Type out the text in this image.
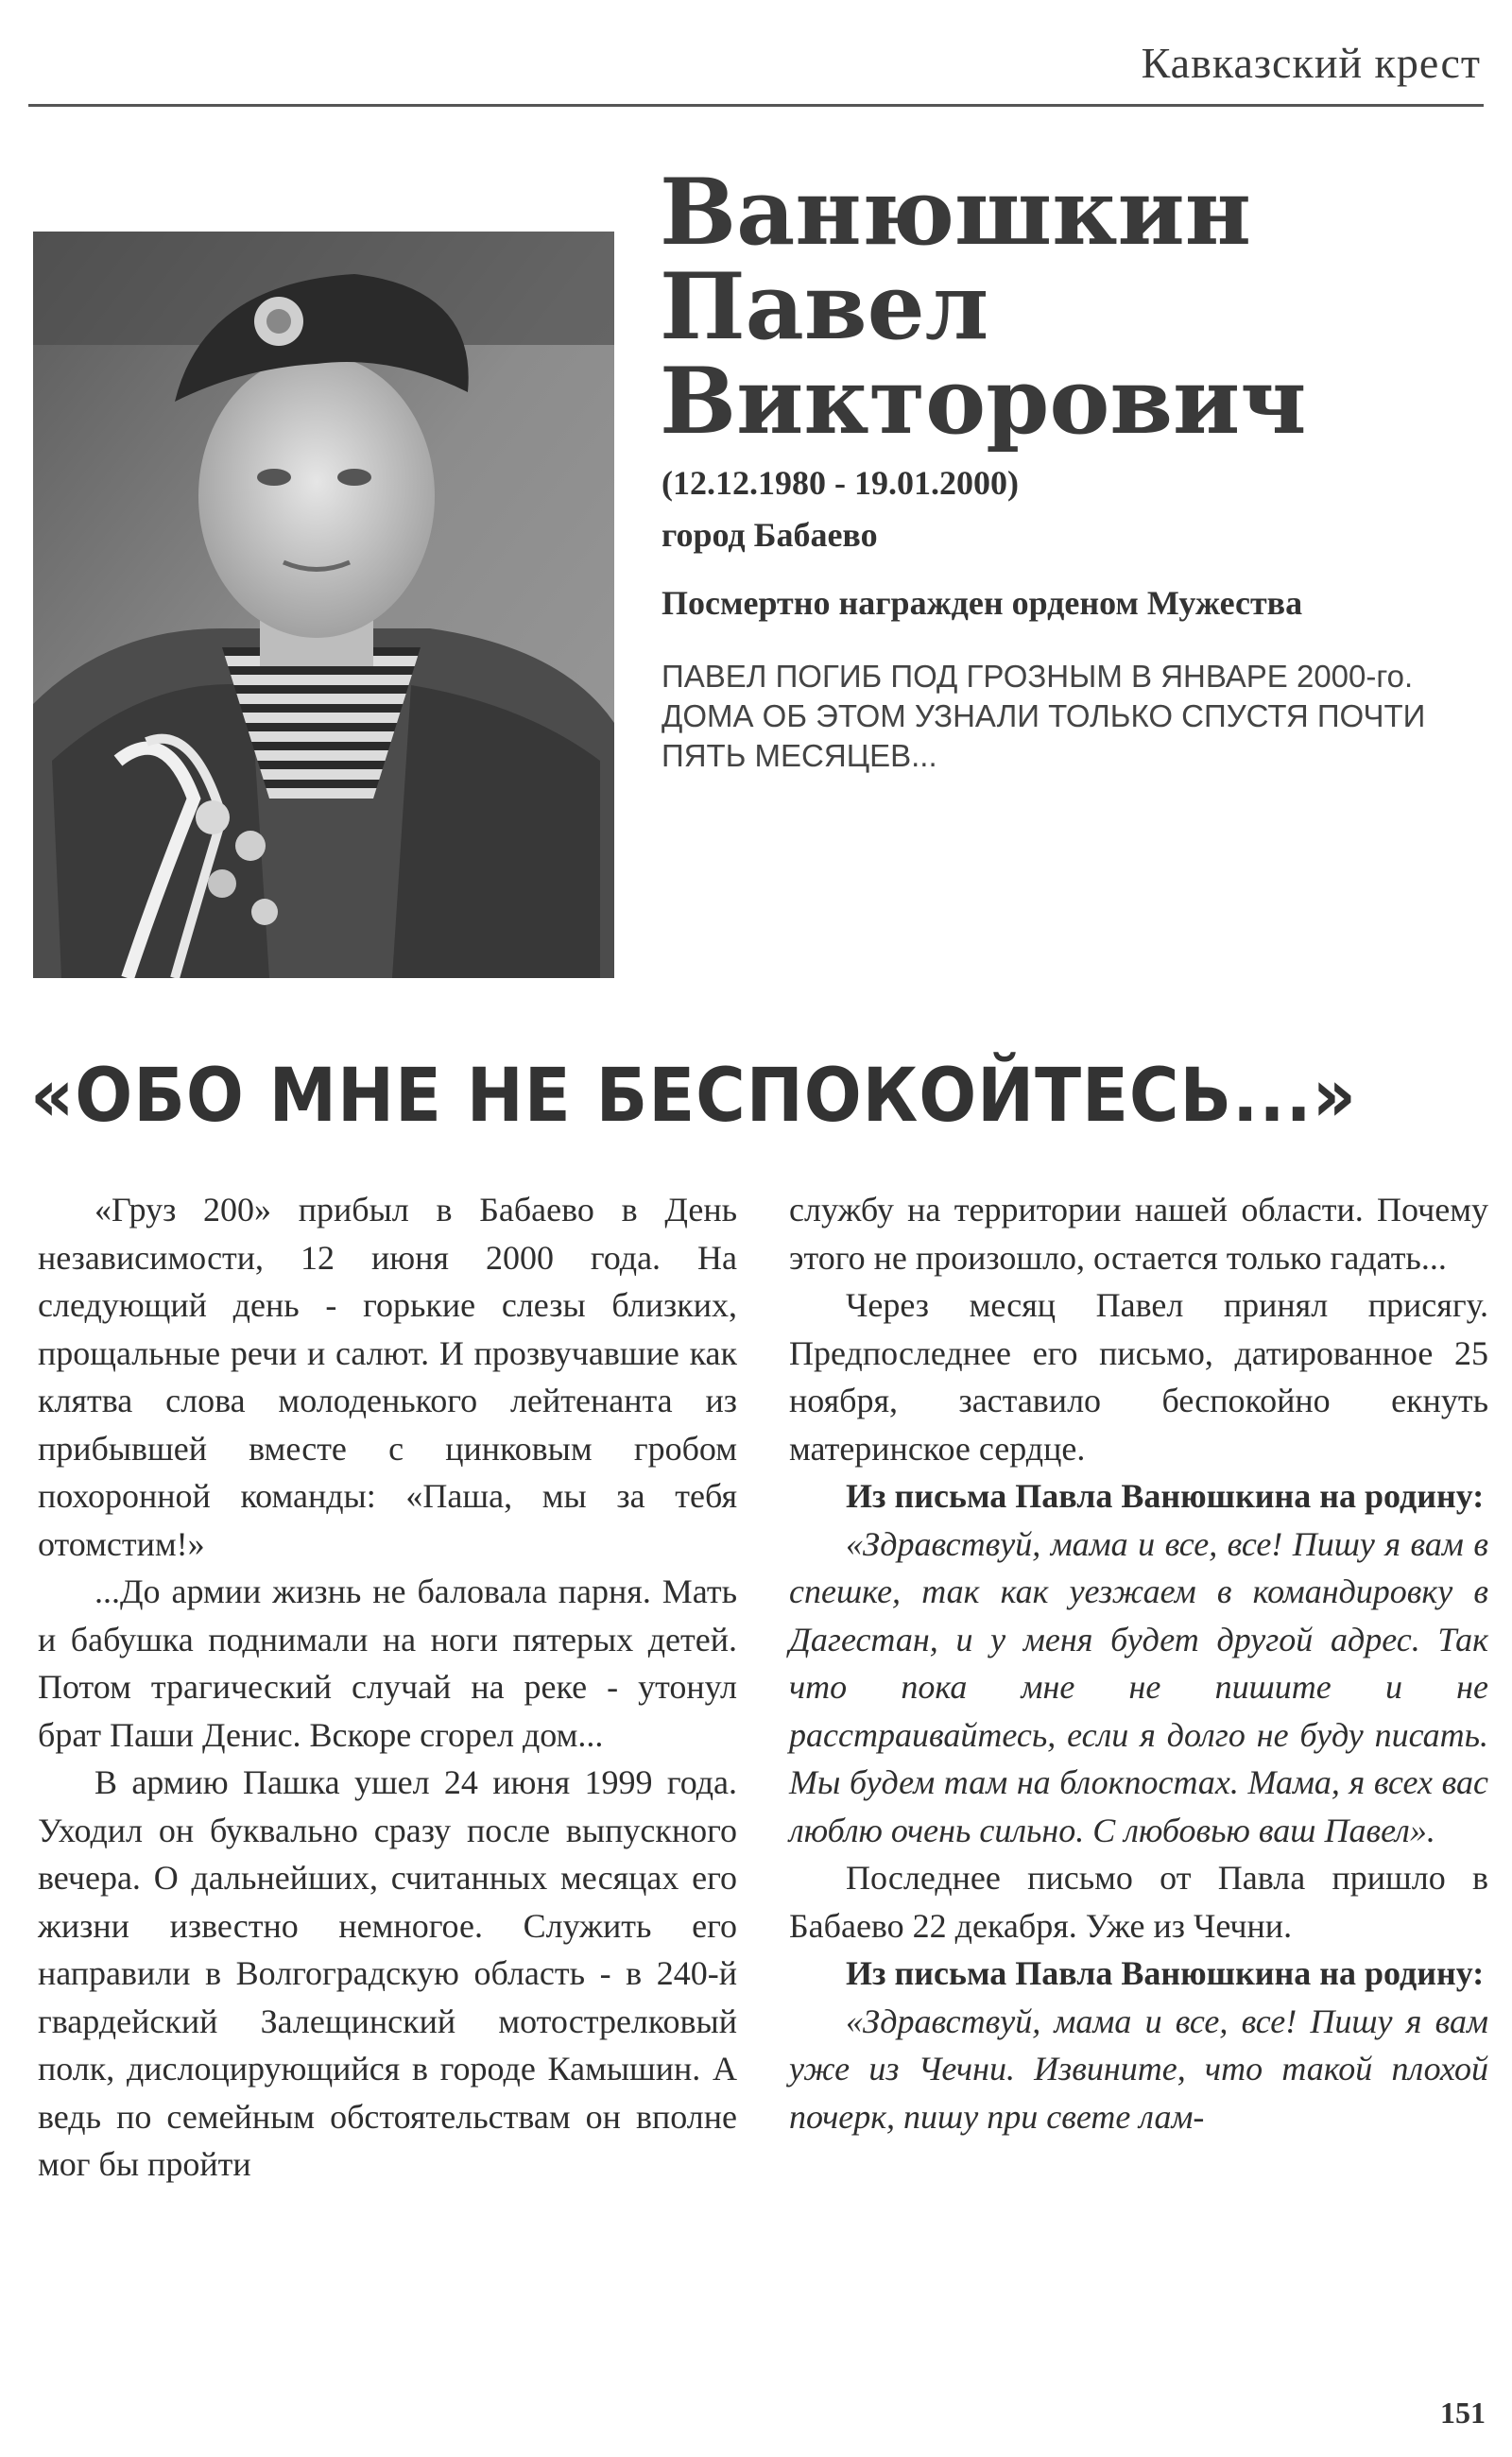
Кавказский крест
Ванюшкин
Павел
Викторович
(12.12.1980 - 19.01.2000)
город Бабаево
Посмертно награжден орденом Мужества
ПАВЕЛ ПОГИБ ПОД ГРОЗНЫМ В ЯНВАРЕ 2000-го. ДОМА ОБ ЭТОМ УЗНАЛИ ТОЛЬКО СПУСТЯ ПОЧТИ ПЯТЬ МЕСЯЦЕВ...
«ОБО МНЕ НЕ БЕСПОКОЙТЕСЬ...»

«Груз 200» прибыл в Бабаево в День независимости, 12 июня 2000 года. На следующий день - горькие слезы близких, прощальные речи и салют. И прозвучавшие как клятва слова молоденького лейтенанта из прибывшей вместе с цинковым гробом похоронной команды: «Паша, мы за тебя отомстим!»

...До армии жизнь не баловала парня. Мать и бабушка поднимали на ноги пятерых детей. Потом трагический случай на реке - утонул брат Паши Денис. Вскоре сгорел дом...

В армию Пашка ушел 24 июня 1999 года. Уходил он буквально сразу после выпускного вечера. О дальнейших, считанных месяцах его жизни известно немногое. Служить его направили в Волгоградскую область - в 240-й гвардейский Залещинский мотострелковый полк, дислоцирующийся в городе Камышин. А ведь по семейным обстоятельствам он вполне мог бы пройти

службу на территории нашей области. Почему этого не произошло, остается только гадать...

Через месяц Павел принял присягу. Предпоследнее его письмо, датированное 25 ноября, заставило беспокойно екнуть материнское сердце.

Из письма Павла Ванюшкина на родину:

«Здравствуй, мама и все, все! Пишу я вам в спешке, так как уезжаем в командировку в Дагестан, и у меня будет другой адрес. Так что пока мне не пишите и не расстраивайтесь, если я долго не буду писать. Мы будем там на блокпостах. Мама, я всех вас люблю очень сильно. С любовью ваш Павел».

Последнее письмо от Павла пришло в Бабаево 22 декабря. Уже из Чечни.

Из письма Павла Ванюшкина на родину:

«Здравствуй, мама и все, все! Пишу я вам уже из Чечни. Извините, что такой плохой почерк, пишу при свете лам-

151
